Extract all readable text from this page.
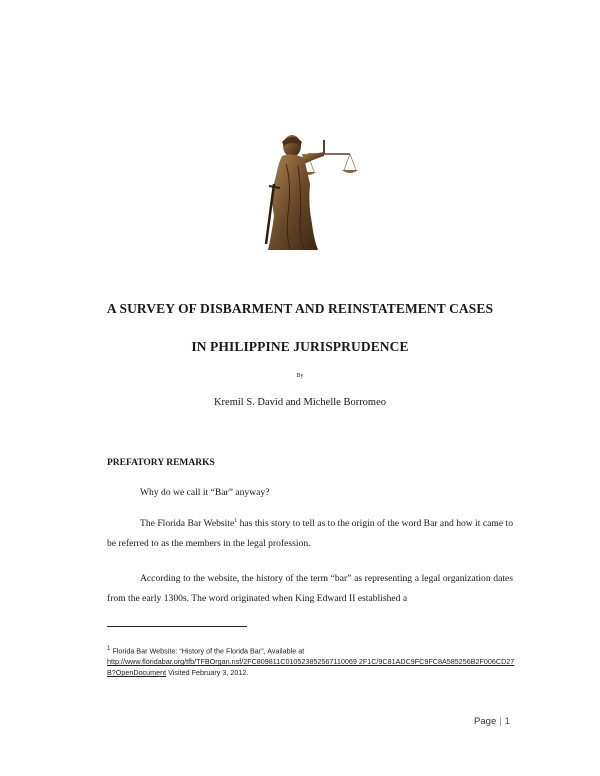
A SURVEY OF DISBARMENT AND REINSTATEMENT CASES
IN PHILIPPINE JURISPRUDENCE
By
Kremil S. David and Michelle Borromeo
PREFATORY REMARKS
Why do we call it “Bar” anyway?
The Florida Bar Website$^1$ has this story to tell as to the origin of the word Bar and how it came to be referred to as the members in the legal profession.
According to the website, the history of the term “bar” as representing a legal organization dates from the early 1300s. The word originated when King Edward II established a
$^1$ Florida Bar Website: “History of the Florida Bar”, Available at
http://www.floridabar.org/tfb/TFBOrgan.nsf/2FC809811C010523852567110069 2F1C/9C81ADC9FC9FC8A585256B2F006CD27B?OpenDocument Visited February 3, 2012.
Page | 1
